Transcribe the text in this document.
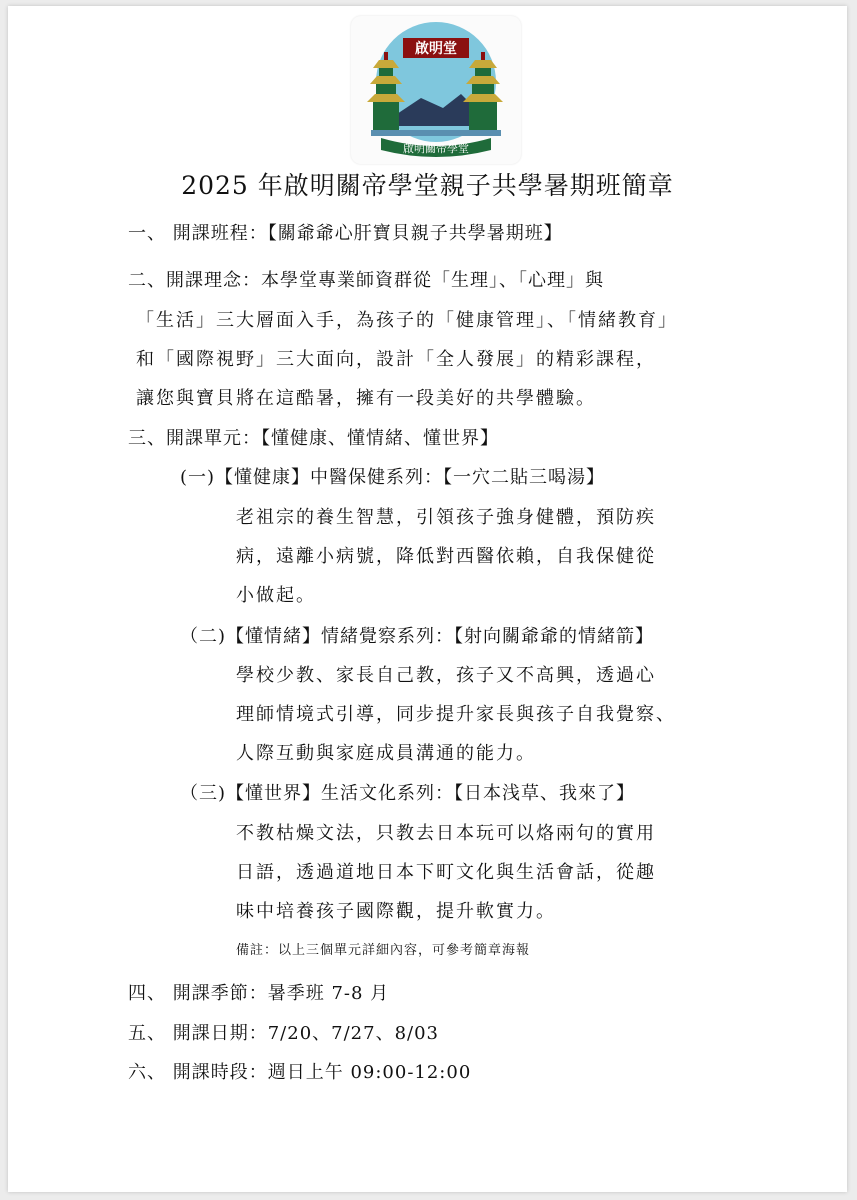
啟明堂
啟明關帝學堂
2025 年啟明關帝學堂親子共學暑期班簡章
一、 開課班程：【關爺爺心肝寶貝親子共學暑期班】
二、開課理念：本學堂專業師資群從「生理」、「心理」與
「生活」三大層面入手，為孩子的「健康管理」、「情緒教育」
和「國際視野」三大面向，設計「全人發展」的精彩課程，
讓您與寶貝將在這酷暑，擁有一段美好的共學體驗。
三、開課單元：【懂健康、懂情緒、懂世界】
(一)【懂健康】中醫保健系列：【一穴二貼三喝湯】
老祖宗的養生智慧，引領孩子強身健體，預防疾
病，遠離小病號，降低對西醫依賴，自我保健從
小做起。
（二)【懂情緒】情緒覺察系列：【射向關爺爺的情緒箭】
學校少教、家長自己教，孩子又不高興，透過心
理師情境式引導，同步提升家長與孩子自我覺察、
人際互動與家庭成員溝通的能力。
（三)【懂世界】生活文化系列：【日本浅草、我來了】
不教枯燥文法，只教去日本玩可以烙兩句的實用
日語，透過道地日本下町文化與生活會話，從趣
味中培養孩子國際觀，提升軟實力。
備註：以上三個單元詳細內容，可參考簡章海報
四、 開課季節：暑季班 7-8 月
五、 開課日期：7/20、7/27、8/03
六、 開課時段：週日上午 09:00-12:00
